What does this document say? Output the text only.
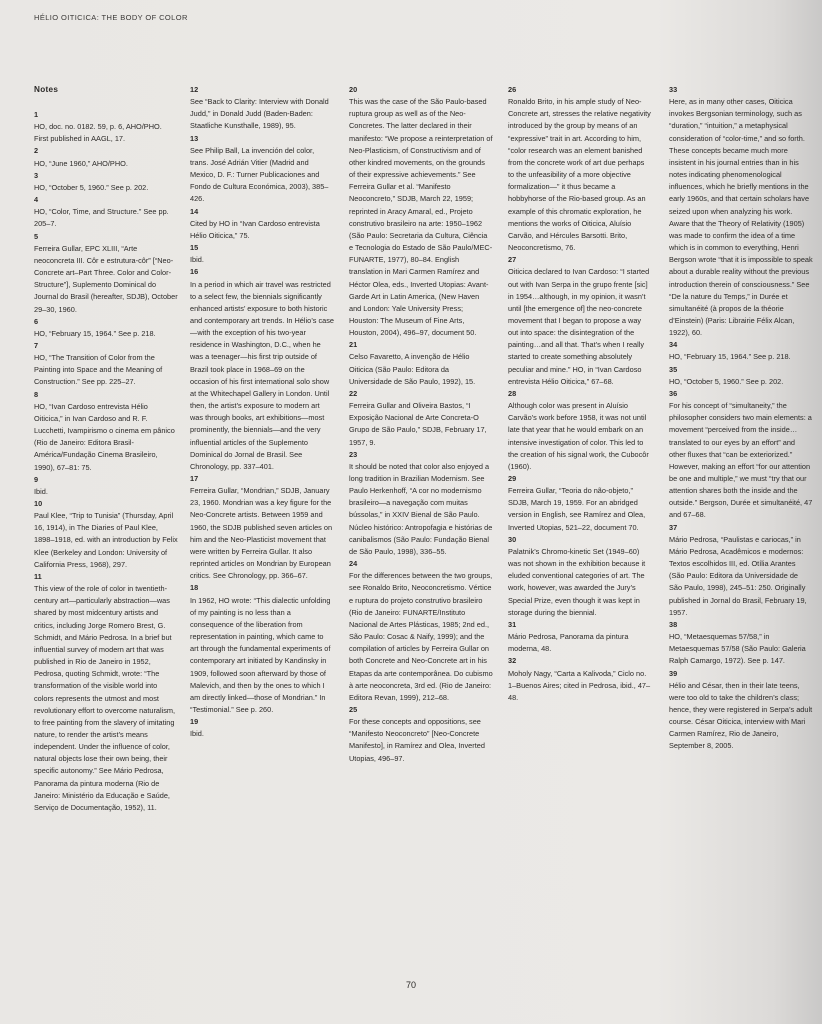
HÉLIO OITICICA: THE BODY OF COLOR
Notes
1
HO, doc. no. 0182. 59, p. 6, AHO/PHO. First published in AAGL, 17.
2
HO, “June 1960,” AHO/PHO.
3
HO, “October 5, 1960.” See p. 202.
4
HO, “Color, Time, and Structure.” See pp. 205–7.
5
Ferreira Gullar, EPC XLIII, “Arte neoconcreta III. Côr e estrutura-côr” [“Neo-Concrete art–Part Three. Color and Color-Structure”], Suplemento Dominical do Journal do Brasil (hereafter, SDJB), October 29–30, 1960.
6
HO, “February 15, 1964.” See p. 218.
7
HO, “The Transition of Color from the Painting into Space and the Meaning of Construction.” See pp. 225–27.
8
HO, “Ivan Cardoso entrevista Hélio Oiticica,” in Ivan Cardoso and R. F. Lucchetti, Ivampirismo o cinema em pânico (Rio de Janeiro: Editora Brasil-América/Fundação Cinema Brasileiro, 1990), 67–81: 75.
9
Ibid.
10
Paul Klee, “Trip to Tunisia” (Thursday, April 16, 1914), in The Diaries of Paul Klee, 1898–1918, ed. with an introduction by Felix Klee (Berkeley and London: University of California Press, 1968), 297.
11
This view of the role of color in twentieth-century art—particularly abstraction—was shared by most midcentury artists and critics, including Jorge Romero Brest, G. Schmidt, and Mário Pedrosa. In a brief but influential survey of modern art that was published in Rio de Janeiro in 1952, Pedrosa, quoting Schmidt, wrote: “The transformation of the visible world into colors represents the utmost and most revolutionary effort to overcome naturalism, to free painting from the slavery of imitating nature, to render the artist’s means independent. Under the influence of color, natural objects lose their own being, their specific autonomy.” See Mário Pedrosa, Panorama da pintura moderna (Rio de Janeiro: Ministério da Educação e Saúde, Serviço de Documentação, 1952), 11.
12
See “Back to Clarity: Interview with Donald Judd,” in Donald Judd (Baden-Baden: Staatliche Kunsthalle, 1989), 95.
13
See Philip Ball, La invención del color, trans. José Adrián Vitier (Madrid and Mexico, D. F.: Turner Publicaciones and Fondo de Cultura Económica, 2003), 385–426.
14
Cited by HO in “Ivan Cardoso entrevista Hélio Oiticica,” 75.
15
Ibid.
16
In a period in which air travel was restricted to a select few, the biennials significantly enhanced artists’ exposure to both historic and contemporary art trends. In Hélio’s case—with the exception of his two-year residence in Washington, D.C., when he was a teenager—his first trip outside of Brazil took place in 1968–69 on the occasion of his first international solo show at the Whitechapel Gallery in London. Until then, the artist’s exposure to modern art was through books, art exhibitions—most prominently, the biennials—and the very influential articles of the Suplemento Dominical do Jornal de Brasil. See Chronology, pp. 337–401.
17
Ferreira Gullar, “Mondrian,” SDJB, January 23, 1960. Mondrian was a key figure for the Neo-Concrete artists. Between 1959 and 1960, the SDJB published seven articles on him and the Neo-Plasticist movement that were written by Ferreira Gullar. It also reprinted articles on Mondrian by European critics. See Chronology, pp. 366–67.
18
In 1962, HO wrote: “This dialectic unfolding of my painting is no less than a consequence of the liberation from representation in painting, which came to art through the fundamental experiments of contemporary art initiated by Kandinsky in 1909, followed soon afterward by those of Malevich, and then by the ones to which I am directly linked—those of Mondrian.” In “Testimonial.” See p. 260.
19
Ibid.
20
This was the case of the São Paulo-based ruptura group as well as of the Neo-Concretes. The latter declared in their manifesto: “We propose a reinterpretation of Neo-Plasticism, of Constructivism and of other kindred movements, on the grounds of their expressive achievements.” See Ferreira Gullar et al. “Manifesto Neoconcreto,” SDJB, March 22, 1959; reprinted in Aracy Amaral, ed., Projeto construtivo brasileiro na arte: 1950–1962 (São Paulo: Secretaria da Cultura, Ciência e Tecnologia do Estado de São Paulo/MEC-FUNARTE, 1977), 80–84. English translation in Mari Carmen Ramírez and Héctor Olea, eds., Inverted Utopias: Avant-Garde Art in Latin America, (New Haven and London: Yale University Press; Houston: The Museum of Fine Arts, Houston, 2004), 496–97, document 50.
21
Celso Favaretto, A invenção de Hélio Oiticica (São Paulo: Editora da Universidade de São Paulo, 1992), 15.
22
Ferreira Gullar and Oliveira Bastos, “I Exposição Nacional de Arte Concreta-O Grupo de São Paulo,” SDJB, February 17, 1957, 9.
23
It should be noted that color also enjoyed a long tradition in Brazilian Modernism. See Paulo Herkenhoff, “A cor no modernismo brasileiro—a navegação com muitas bússolas,” in XXIV Bienal de São Paulo. Núcleo histórico: Antropofagia e histórias de canibalismos (São Paulo: Fundação Bienal de São Paulo, 1998), 336–55.
24
For the differences between the two groups, see Ronaldo Brito, Neoconcretismo. Vértice e ruptura do projeto construtivo brasileiro (Rio de Janeiro: FUNARTE/Instituto Nacional de Artes Plásticas, 1985; 2nd ed., São Paulo: Cosac & Naify, 1999); and the compilation of articles by Ferreira Gullar on both Concrete and Neo-Concrete art in his Etapas da arte contemporânea. Do cubismo à arte neoconcreta, 3rd ed. (Rio de Janeiro: Editora Revan, 1999), 212–68.
25
For these concepts and oppositions, see “Manifesto Neoconcreto” [Neo-Concrete Manifesto], in Ramírez and Olea, Inverted Utopias, 496–97.
26
Ronaldo Brito, in his ample study of Neo-Concrete art, stresses the relative negativity introduced by the group by means of an “expressive” trait in art. According to him, “color research was an element banished from the concrete work of art due perhaps to the unfeasibility of a more objective formalization—” it thus became a hobbyhorse of the Rio-based group. As an example of this chromatic exploration, he mentions the works of Oiticica, Aluísio Carvão, and Hércules Barsotti. Brito, Neoconcretismo, 76.
27
Oiticica declared to Ivan Cardoso: “I started out with Ivan Serpa in the grupo frente [sic] in 1954…although, in my opinion, it wasn’t until [the emergence of] the neo-concrete movement that I began to propose a way out into space: the disintegration of the painting…and all that. That’s when I really started to create something absolutely peculiar and mine.” HO, in “Ivan Cardoso entrevista Hélio Oiticica,” 67–68.
28
Although color was present in Aluísio Carvão’s work before 1958, it was not until late that year that he would embark on an intensive investigation of color. This led to the creation of his signal work, the Cubocôr (1960).
29
Ferreira Gullar, “Teoria do não-objeto,” SDJB, March 19, 1959. For an abridged version in English, see Ramírez and Olea, Inverted Utopias, 521–22, document 70.
30
Palatnik’s Chromo-kinetic Set (1949–60) was not shown in the exhibition because it eluded conventional categories of art. The work, however, was awarded the Jury’s Special Prize, even though it was kept in storage during the biennial.
31
Mário Pedrosa, Panorama da pintura moderna, 48.
32
Moholy Nagy, “Carta a Kalivoda,” Ciclo no. 1–Buenos Aires; cited in Pedrosa, ibid., 47–48.
33
Here, as in many other cases, Oiticica invokes Bergsonian terminology, such as “duration,” “intuition,” a metaphysical consideration of “color-time,” and so forth. These concepts became much more insistent in his journal entries than in his notes indicating phenomenological influences, which he briefly mentions in the early 1960s, and that certain scholars have seized upon when analyzing his work. Aware that the Theory of Relativity (1905) was made to confirm the idea of a time which is in common to everything, Henri Bergson wrote “that it is impossible to speak about a durable reality without the previous introduction therein of consciousness.” See “De la nature du Temps,” in Durée et simultanéité (à propos de la théorie d’Einstein) (Paris: Librairie Félix Alcan, 1922), 60.
34
HO, “February 15, 1964.” See p. 218.
35
HO, “October 5, 1960.” See p. 202.
36
For his concept of “simultaneity,” the philosopher considers two main elements: a movement “perceived from the inside…translated to our eyes by an effort” and other fluxes that “can be exteriorized.” However, making an effort “for our attention be one and multiple,” we must “try that our attention shares both the inside and the outside.” Bergson, Durée et simultanéité, 47 and 67–68.
37
Mário Pedrosa, “Paulistas e cariocas,” in Mário Pedrosa, Acadêmicos e modernos: Textos escolhidos III, ed. Otília Arantes (São Paulo: Editora da Universidade de São Paulo, 1998), 245–51: 250. Originally published in Jornal do Brasil, February 19, 1957.
38
HO, “Metaesquemas 57/58,” in Metaesquemas 57/58 (São Paulo: Galeria Ralph Camargo, 1972). See p. 147.
39
Hélio and César, then in their late teens, were too old to take the children’s class; hence, they were registered in Serpa’s adult course. César Oiticica, interview with Mari Carmen Ramírez, Rio de Janeiro, September 8, 2005.
70
